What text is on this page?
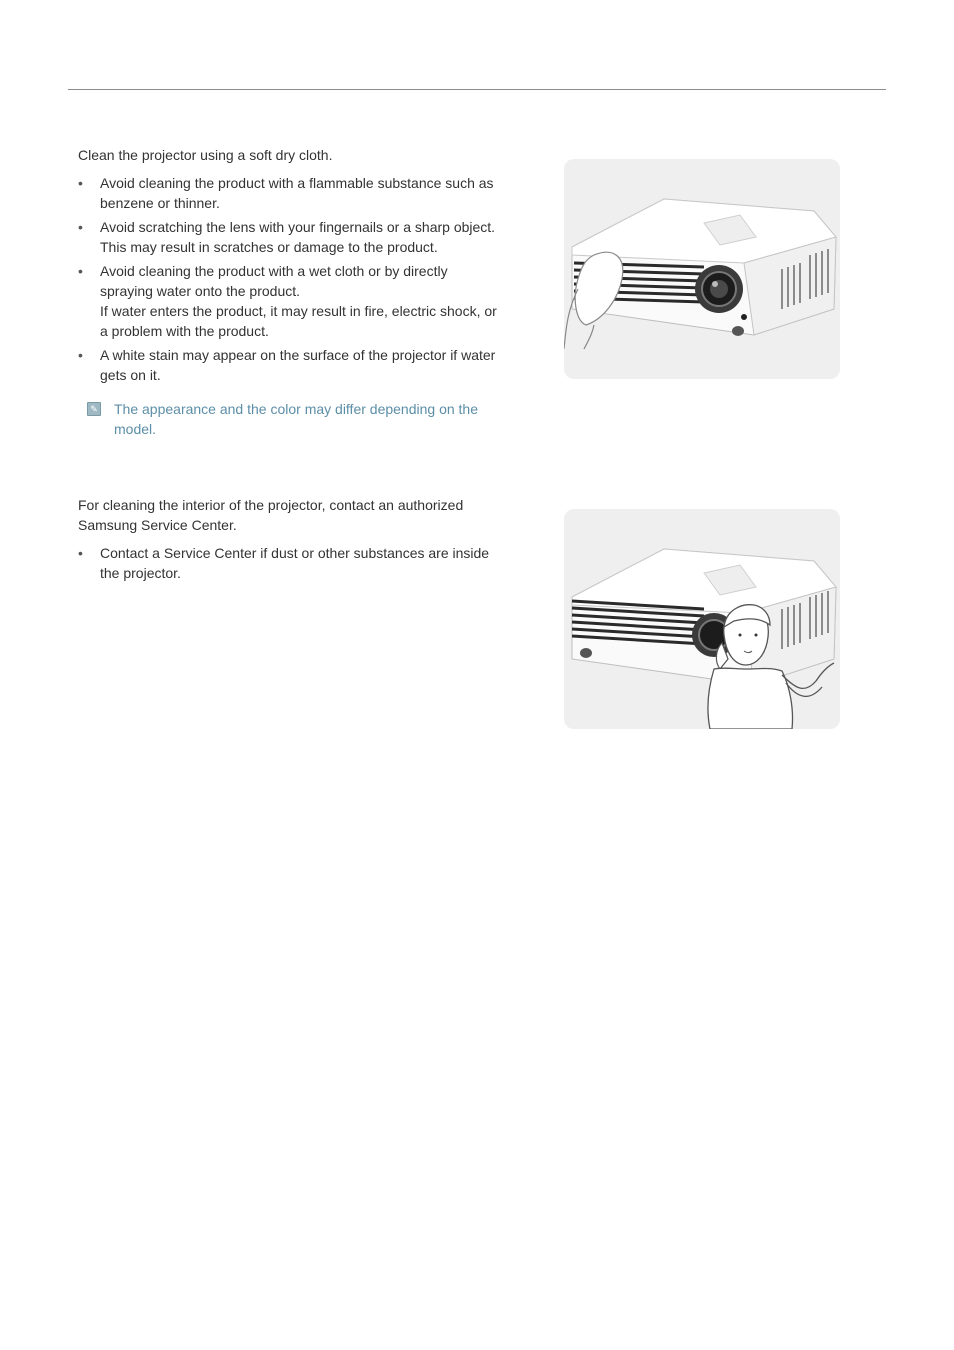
Clean the projector using a soft dry cloth.

•	Avoid cleaning the product with a flammable substance such as
benzene or thinner.
•	Avoid scratching the lens with your fingernails or a sharp object.
This may result in scratches or damage to the product.
•	Avoid cleaning the product with a wet cloth or by directly
spraying water onto the product.
If water enters the product, it may result in fire, electric shock, or
a problem with the product.
•	A white stain may appear on the surface of the projector if water
gets on it.
✎ The appearance and the color may differ depending on the
model.

For cleaning the interior of the projector, contact an authorized
Samsung Service Center.

•	Contact a Service Center if dust or other substances are inside
the projector.
